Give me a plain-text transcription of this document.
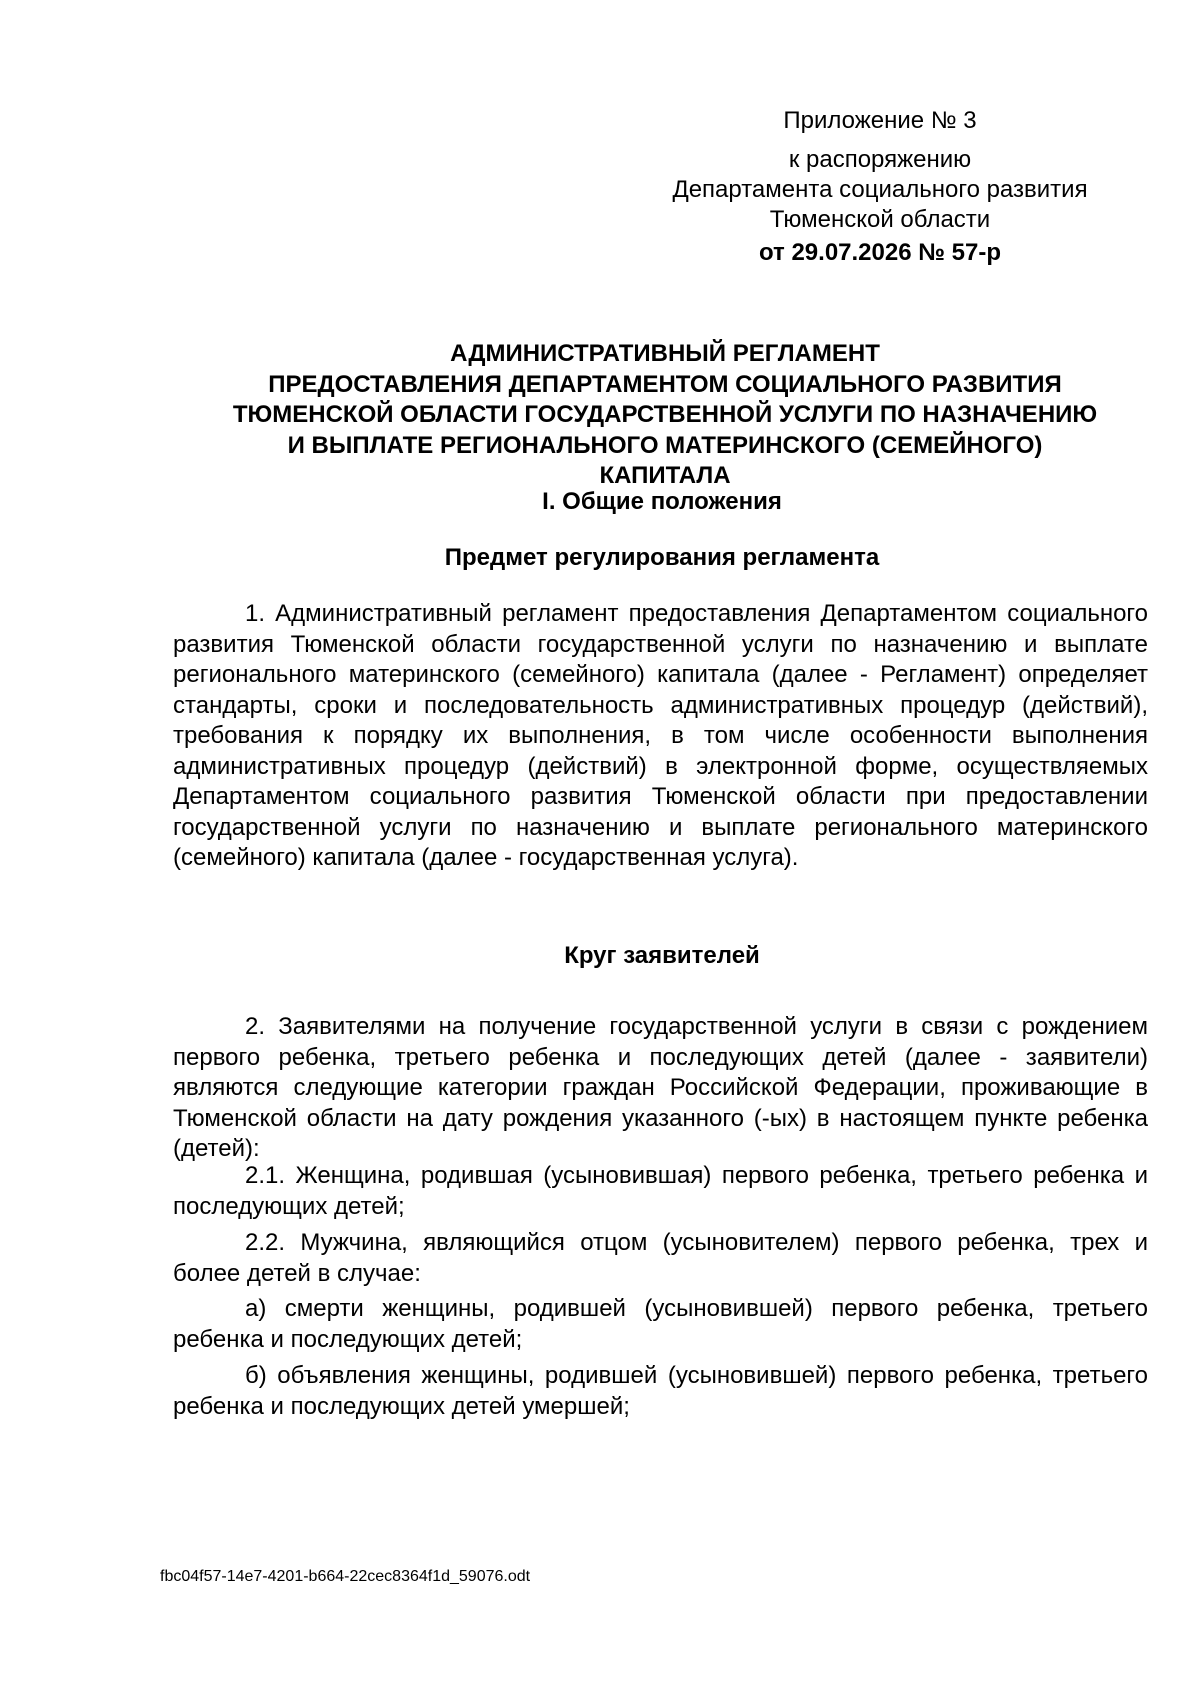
Приложение № 3
к распоряжению
Департамента социального развития
Тюменской области
от 29.07.2026 № 57-р
АДМИНИСТРАТИВНЫЙ РЕГЛАМЕНТ
ПРЕДОСТАВЛЕНИЯ ДЕПАРТАМЕНТОМ СОЦИАЛЬНОГО РАЗВИТИЯ
ТЮМЕНСКОЙ ОБЛАСТИ ГОСУДАРСТВЕННОЙ УСЛУГИ ПО НАЗНАЧЕНИЮ
И ВЫПЛАТЕ РЕГИОНАЛЬНОГО МАТЕРИНСКОГО (СЕМЕЙНОГО)
КАПИТАЛА
I. Общие положения
Предмет регулирования регламента

1. Административный регламент предоставления Департаментом социального развития Тюменской области государственной услуги по назначению и выплате регионального материнского (семейного) капитала (далее - Регламент) определяет стандарты, сроки и последовательность административных процедур (действий), требования к порядку их выполнения, в том числе особенности выполнения административных процедур (действий) в электронной форме, осуществляемых Департаментом социального развития Тюменской области при предоставлении государственной услуги по назначению и выплате регионального материнского (семейного) капитала (далее - государственная услуга).

Круг заявителей

2. Заявителями на получение государственной услуги в связи с рождением первого ребенка, третьего ребенка и последующих детей (далее - заявители) являются следующие категории граждан Российской Федерации, проживающие в Тюменской области на дату рождения указанного (-ых) в настоящем пункте ребенка (детей):

2.1. Женщина, родившая (усыновившая) первого ребенка, третьего ребенка и последующих детей;

2.2. Мужчина, являющийся отцом (усыновителем) первого ребенка, трех и более детей в случае:

а) смерти женщины, родившей (усыновившей) первого ребенка, третьего ребенка и последующих детей;

б) объявления женщины, родившей (усыновившей) первого ребенка, третьего ребенка и последующих детей умершей;

fbc04f57-14e7-4201-b664-22cec8364f1d_59076.odt
